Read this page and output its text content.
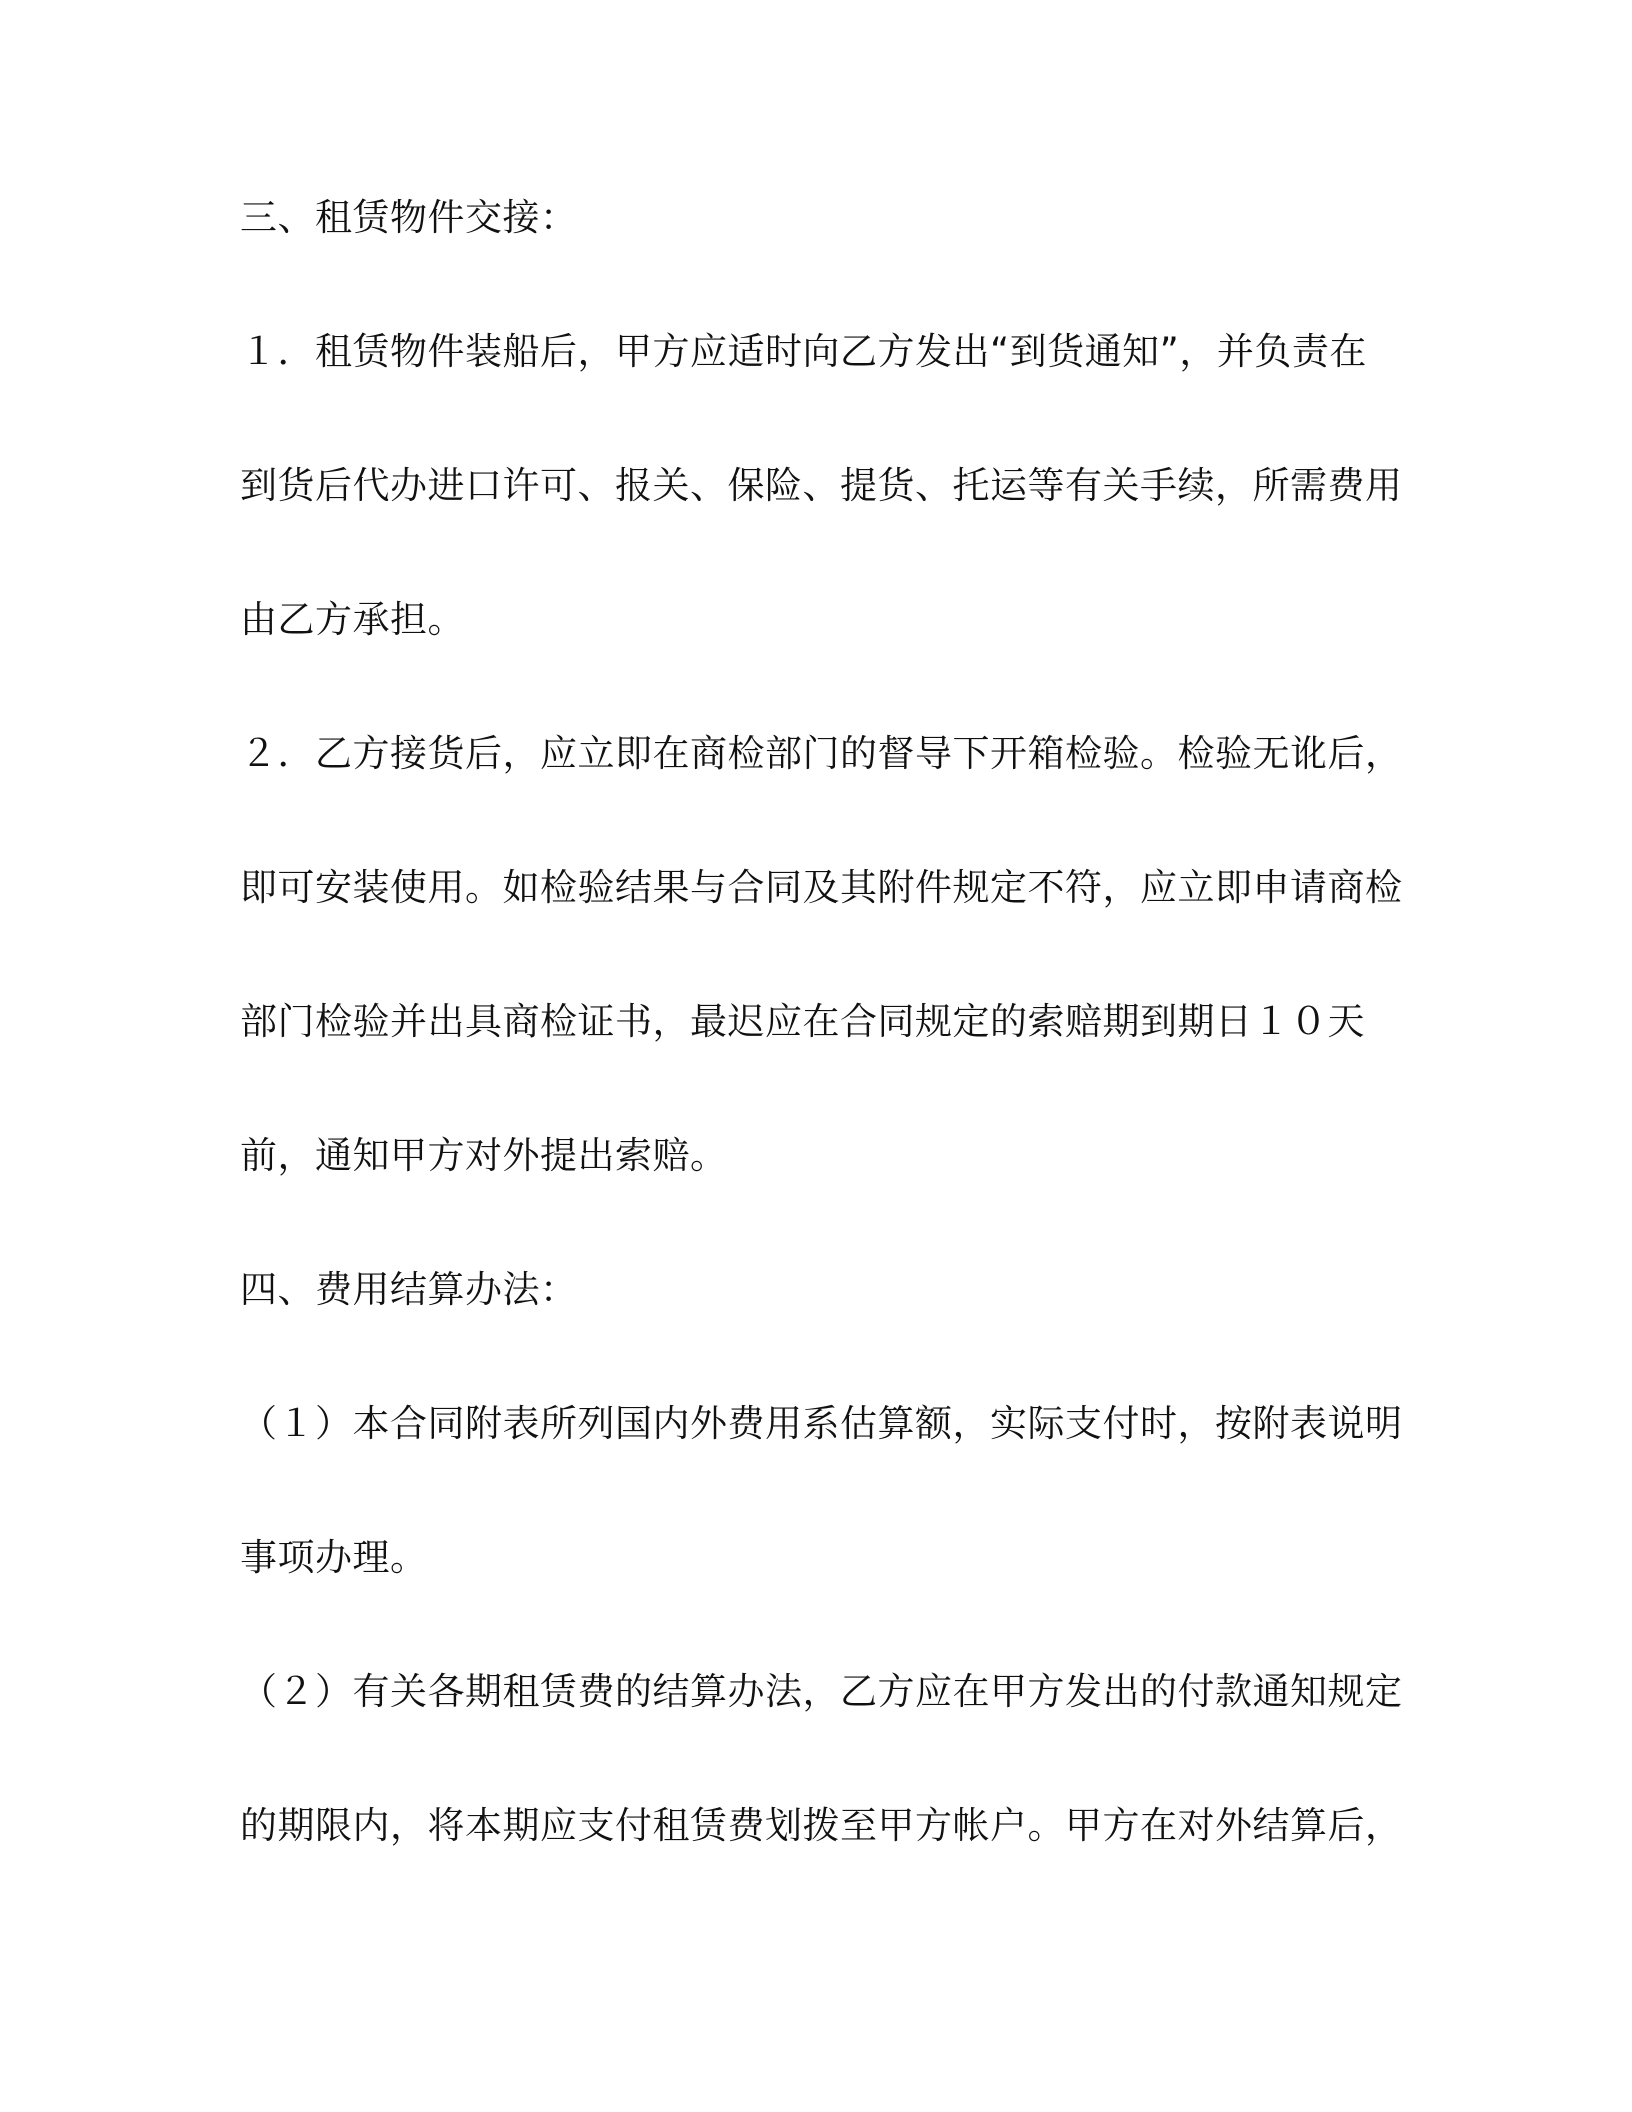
三、租赁物件交接：
１．租赁物件装船后，甲方应适时向乙方发出“到货通知”，并负责在
到货后代办进口许可、报关、保险、提货、托运等有关手续，所需费用
由乙方承担。
２．乙方接货后，应立即在商检部门的督导下开箱检验。检验无讹后，
即可安装使用。如检验结果与合同及其附件规定不符，应立即申请商检
部门检验并出具商检证书，最迟应在合同规定的索赔期到期日１０天
前，通知甲方对外提出索赔。
四、费用结算办法：
（１）本合同附表所列国内外费用系估算额，实际支付时，按附表说明
事项办理。
（２）有关各期租赁费的结算办法，乙方应在甲方发出的付款通知规定
的期限内，将本期应支付租赁费划拨至甲方帐户。甲方在对外结算后，
